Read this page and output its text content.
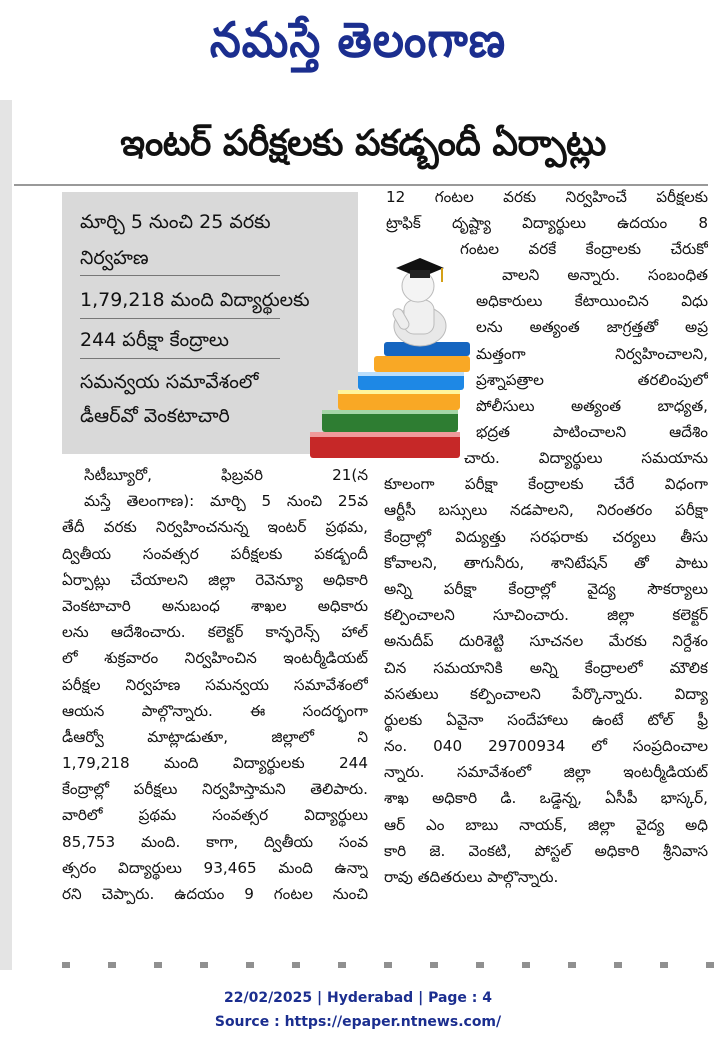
నమస్తే తెలంగాణ
ఇంటర్ పరీక్షలకు పకడ్బందీ ఏర్పాట్లు
మార్చి 5 నుంచి 25 వరకు
నిర్వహణ
1,79,218 మంది విద్యార్థులకు
244 పరీక్షా కేంద్రాలు
సమన్వయ సమావేశంలో
డీఆర్‌వో వెంకటాచారి
12 గంటల వరకు నిర్వహించే పరీక్షలకు
ట్రాఫిక్ దృష్ట్యా విద్యార్థులు ఉదయం 8
గంటల వరకే కేంద్రాలకు చేరుకో
వాలని అన్నారు. సంబంధిత
అధికారులు కేటాయించిన విధు
లను అత్యంత జాగ్రత్తతో అప్ర
మత్తంగా నిర్వహించాలని,
ప్రశ్నాపత్రాల తరలింపులో
పోలీసులు అత్యంత బాధ్యత,
భద్రత పాటించాలని ఆదేశిం
చారు. విద్యార్థులు సమయాను
కూలంగా పరీక్షా కేంద్రాలకు చేరే విధంగా
ఆర్టీసీ బస్సులు నడపాలని, నిరంతరం పరీక్షా
కేంద్రాల్లో విద్యుత్తు సరఫరాకు చర్యలు తీసు
కోవాలని, తాగునీరు, శానిటేషన్ తో పాటు
అన్ని పరీక్షా కేంద్రాల్లో వైద్య సౌకర్యాలు
కల్పించాలని సూచించారు. జిల్లా కలెక్టర్
అనుదీప్ దురిశెట్టి సూచనల మేరకు నిర్దేశం
చిన సమయానికి అన్ని కేంద్రాలలో మౌలిక
వసతులు కల్పించాలని పేర్కొన్నారు. విద్యా
ర్థులకు ఏవైనా సందేహాలు ఉంటే టోల్ ఫ్రీ
నం. 040 29700934 లో సంప్రదించాల
న్నారు. సమావేశంలో జిల్లా ఇంటర్మీడియట్
శాఖ అధికారి డి. ఒడ్డెన్న, ఏసీపీ భాస్కర్,
ఆర్ ఎం బాబు నాయక్, జిల్లా వైద్య అధి
కారి జె. వెంకటి, పోస్టల్ అధికారి శ్రీనివాస
రావు తదితరులు పాల్గొన్నారు.
సిటీబ్యూరో, ఫిబ్రవరి 21(న
మస్తే తెలంగాణ): మార్చి 5 నుంచి 25వ
తేదీ వరకు నిర్వహించనున్న ఇంటర్ ప్రథమ,
ద్వితీయ సంవత్సర పరీక్షలకు పకడ్బందీ
ఏర్పాట్లు చేయాలని జిల్లా రెవెన్యూ అధికారి
వెంకటాచారి అనుబంధ శాఖల అధికారు
లను ఆదేశించారు. కలెక్టర్ కాన్ఫరెన్స్ హాల్
లో శుక్రవారం నిర్వహించిన ఇంటర్మీడియట్
పరీక్షల నిర్వహణ సమన్వయ సమావేశంలో
ఆయన పాల్గొన్నారు. ఈ సందర్భంగా
డీఆర్వో మాట్లాడుతూ, జిల్లాలో ని
1,79,218 మంది విద్యార్థులకు 244
కేంద్రాల్లో పరీక్షలు నిర్వహిస్తామని తెలిపారు.
వారిలో ప్రథమ సంవత్సర విద్యార్థులు
85,753 మంది. కాగా, ద్వితీయ సంవ
త్సరం విద్యార్థులు 93,465 మంది ఉన్నా
రని చెప్పారు. ఉదయం 9 గంటల నుంచి
22/02/2025 | Hyderabad | Page : 4
Source : https://epaper.ntnews.com/
